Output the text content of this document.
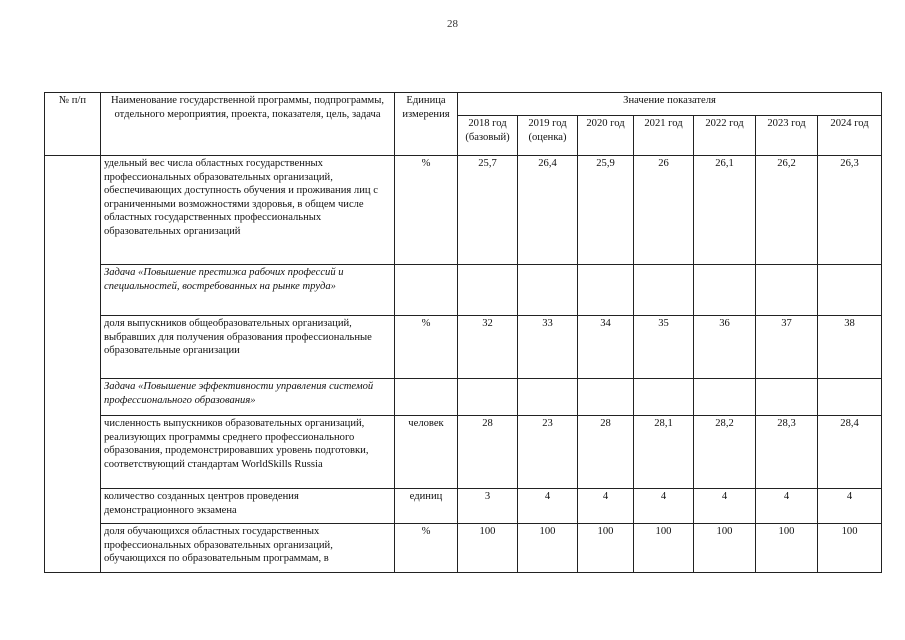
28
№ п/п	Наименование государственной программы, подпрограммы, отдельного мероприятия, проекта, показателя, цель, задача	Единица измерения	Значение показателя						
			2018 год (базовый)	2019 год (оценка)	2020 год	2021 год	2022 год	2023 год	2024 год
	удельный вес числа областных государственных профессиональных образовательных организаций, обеспечивающих доступность обучения и проживания лиц с ограниченными возможностями здоровья, в общем числе областных государственных профессиональных образовательных организаций	%	25,7	26,4	25,9	26	26,1	26,2	26,3
	Задача «Повышение престижа рабочих профессий и специальностей, востребованных на рынке труда»								
	доля выпускников общеобразовательных организаций, выбравших для получения образования профессиональные образовательные организации	%	32	33	34	35	36	37	38
	Задача «Повышение эффективности управления системой профессионального образования»								
	численность выпускников образовательных организаций, реализующих программы среднего профессионального образования, продемонстрировавших уровень подготовки, соответствующий стандартам WorldSkills Russia	человек	28	23	28	28,1	28,2	28,3	28,4
	количество созданных центров проведения демонстрационного экзамена	единиц	3	4	4	4	4	4	4
	доля обучающихся областных государственных профессиональных образовательных организаций, обучающихся по образовательным программам, в	%	100	100	100	100	100	100	100
